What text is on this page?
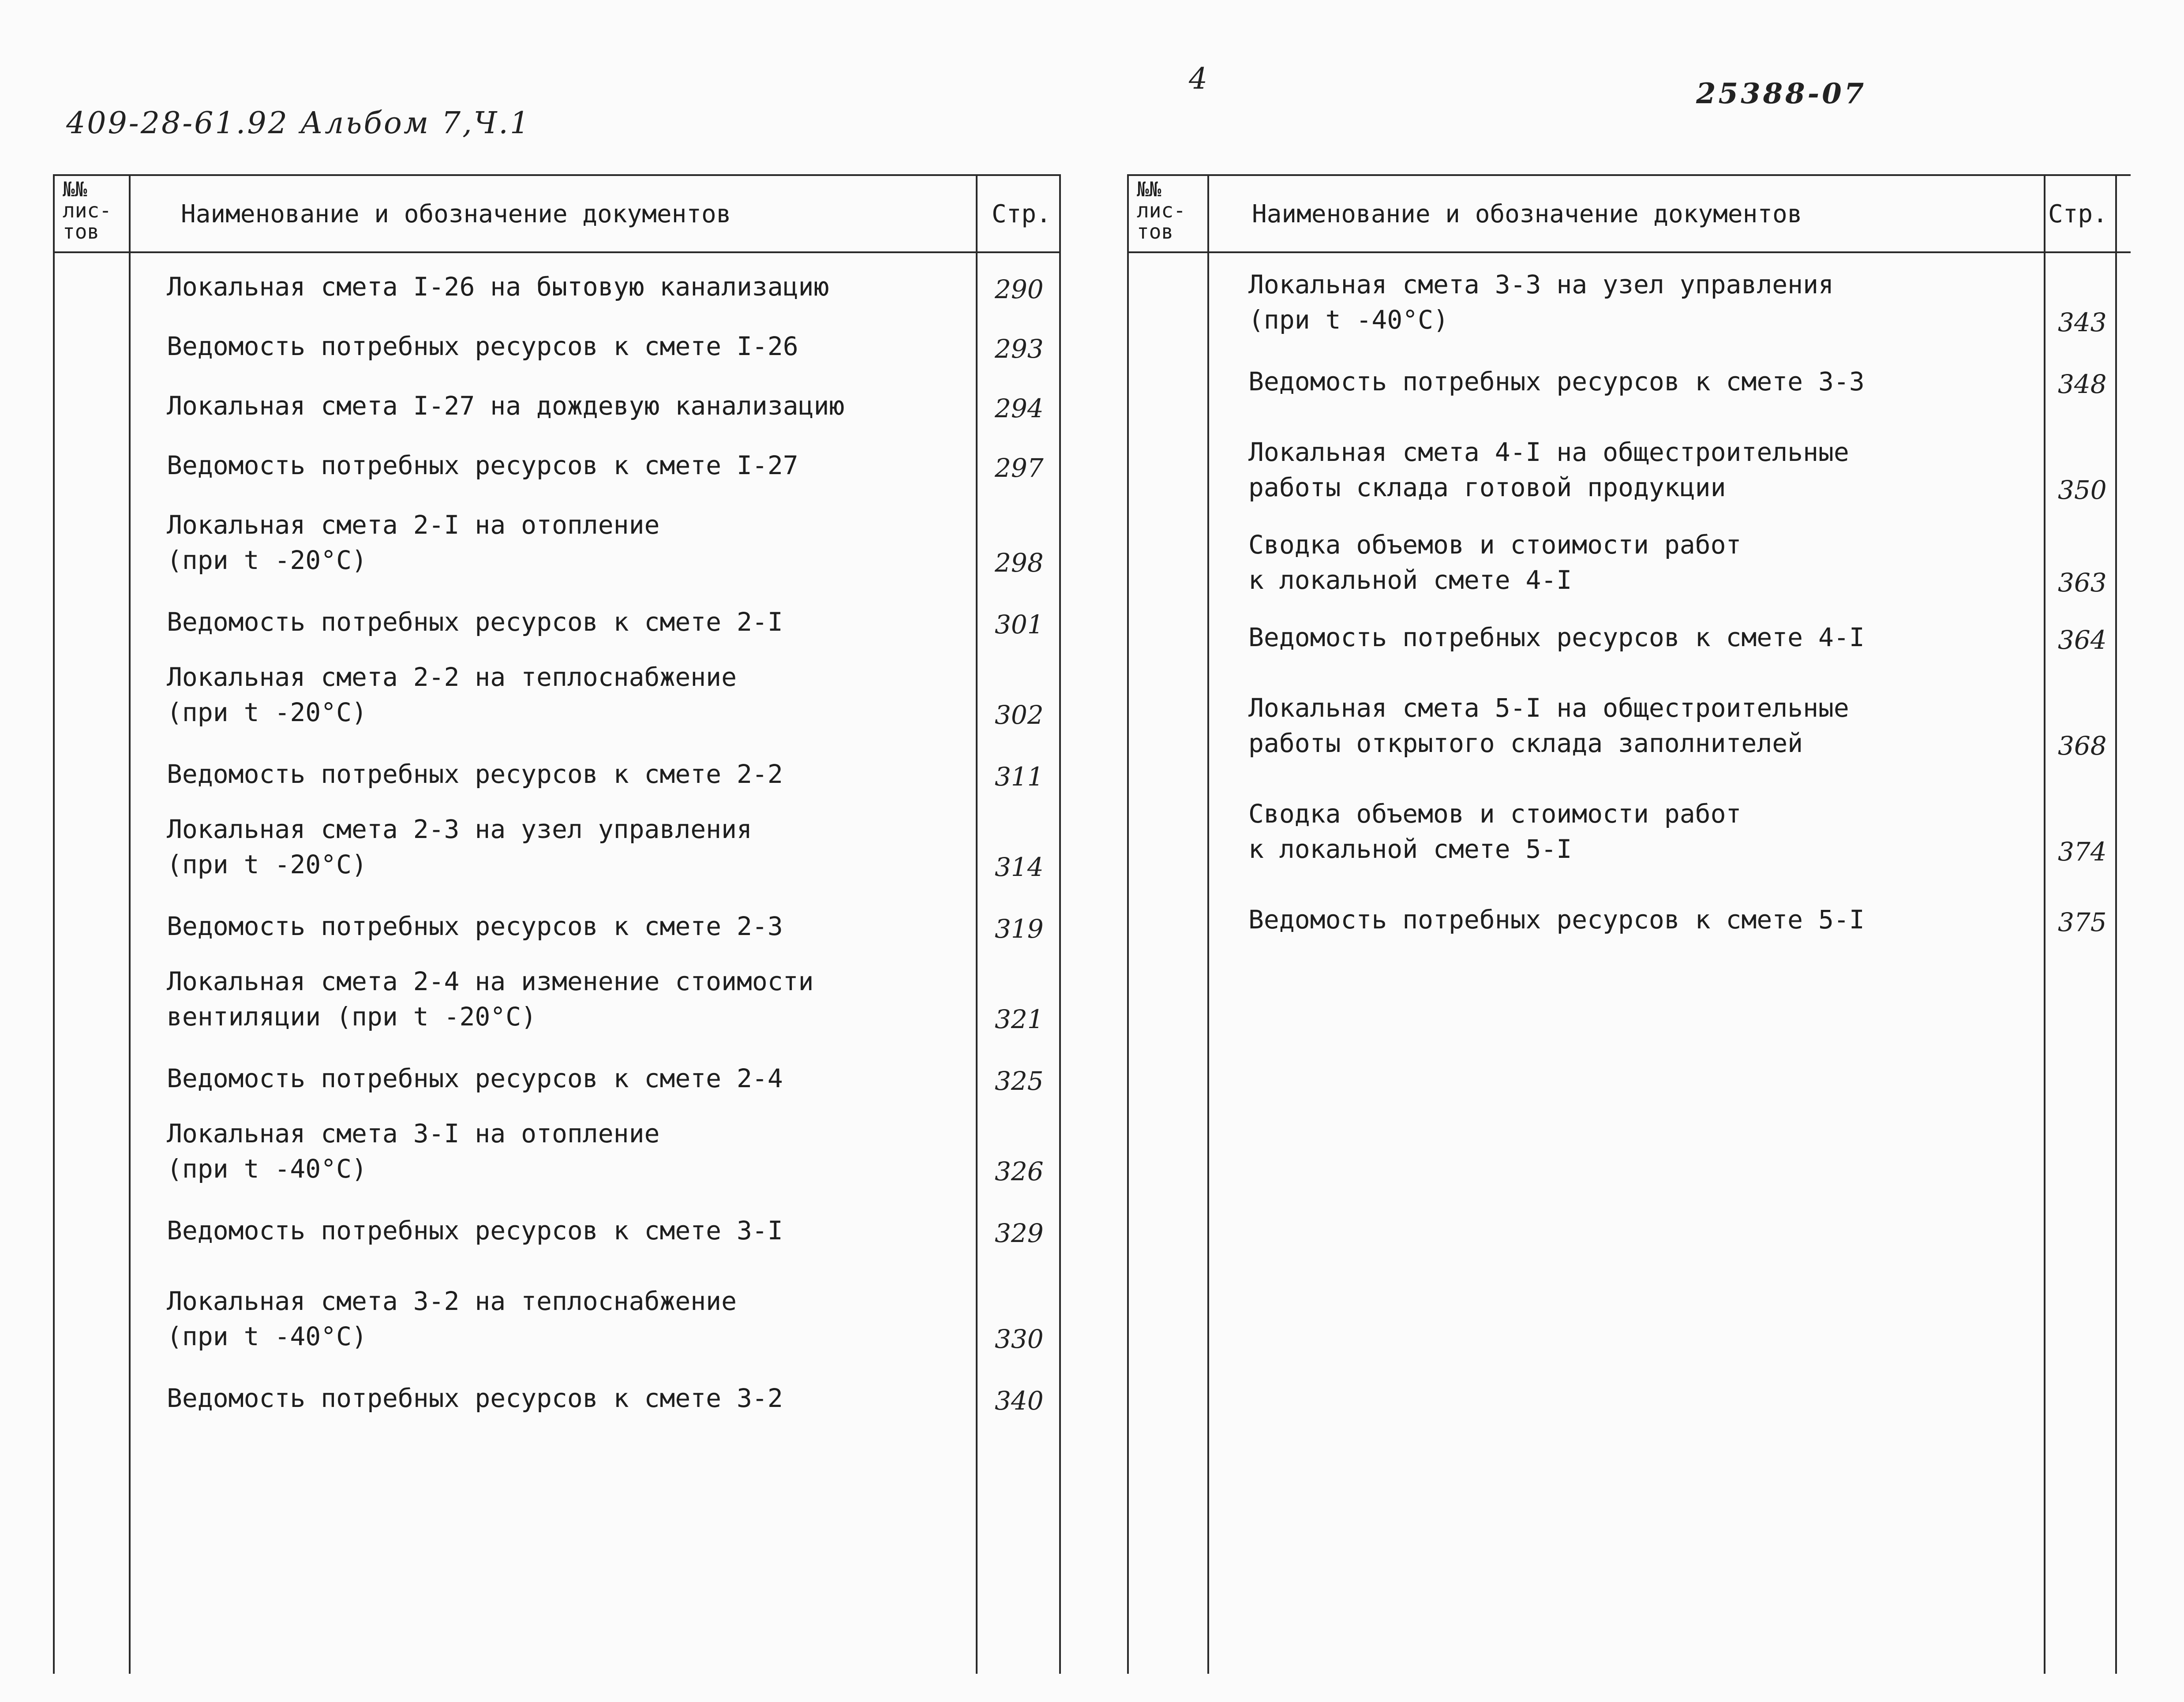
409-28-61.92 Альбом 7,Ч.1
4	25388-07
№№
лис-
тов
Наименование и обозначение документов	Стр.
Локальная смета I-26 на бытовую канализацию	290
Ведомость потребных ресурсов к смете I-26	293
Локальная смета I-27 на дождевую канализацию	294
Ведомость потребных ресурсов к смете I-27	297
Локальная смета 2-I на отопление
(при t -20°С)	298
Ведомость потребных ресурсов к смете 2-I	301
Локальная смета 2-2 на теплоснабжение
(при t -20°С)	302
Ведомость потребных ресурсов к смете 2-2	311
Локальная смета 2-3 на узел управления
(при t -20°С)	314
Ведомость потребных ресурсов к смете 2-3	319
Локальная смета 2-4 на изменение стоимости
вентиляции (при t -20°С)	321
Ведомость потребных ресурсов к смете 2-4	325
Локальная смета 3-I на отопление
(при t -40°С)	326
Ведомость потребных ресурсов к смете 3-I	329
Локальная смета 3-2 на теплоснабжение
(при t -40°С)	330
Ведомость потребных ресурсов к смете 3-2	340
№№
лис-
тов
Наименование и обозначение документов	Стр.
Локальная смета 3-3 на узел управления
(при t -40°С)	343
Ведомость потребных ресурсов к смете 3-3	348
Локальная смета 4-I на общестроительные
работы склада готовой продукции	350
Сводка объемов и стоимости работ
к локальной смете 4-I	363
Ведомость потребных ресурсов к смете 4-I	364
Локальная смета 5-I на общестроительные
работы открытого склада заполнителей	368
Сводка объемов и стоимости работ
к локальной смете 5-I	374
Ведомость потребных ресурсов к смете 5-I	375
